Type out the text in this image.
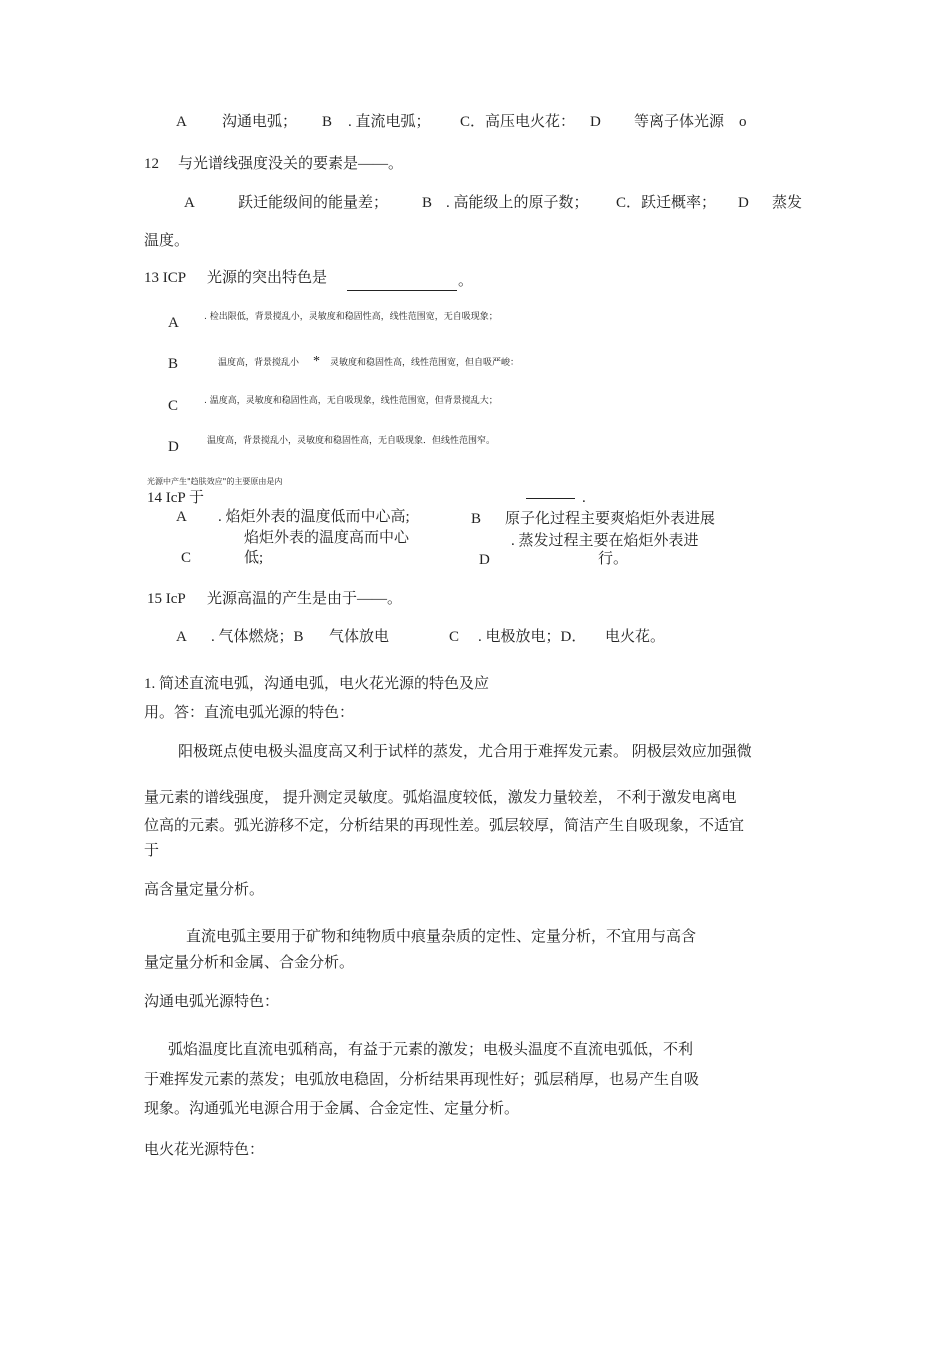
A 沟通电弧； B . 直流电弧； C．高压电火花： D 等离子体光源 o
12 与光谱线强度没关的要素是——。
A	跃迁能级间的能量差； B . 高能级上的原子数； C．跃迁概率； D 蒸发
温度。
13 ICP 光源的突出特色是	。
A	. 检出限低，背景搅乱小，灵敏度和稳固性高，线性范围宽，无自吸现象；
B	温度高，背景搅乱小 * 灵敏度和稳固性高，线性范围宽，但自吸严峻：
C	. 温度高，灵敏度和稳固性高，无自吸现象，线性范围宽，但背景搅乱大；
D	温度高，背景搅乱小，灵敏度和稳固性高，无自吸现象．但线性范围窄。
光源中产生"趋肤效应"的主要原由是内
14 IcP 于	.
A . 焰炬外表的温度低而中心高;	B 原子化过程主要爽焰炬外表进展
焰炬外表的温度高而中心
C	低;
. 蒸发过程主要在焰炬外表进
D	行。
15 IcP 光源高温的产生是由于——。
A . 气体燃烧；B 气体放电	C . 电极放电；D． 电火花。
1. 简述直流电弧，沟通电弧，电火花光源的特色及应
用。答：直流电弧光源的特色：
阳极斑点使电极头温度高又利于试样的蒸发，尤合用于难挥发元素。 阴极层效应加强微
量元素的谱线强度， 提升测定灵敏度。弧焰温度较低，激发力量较差， 不利于激发电离电
位高的元素。弧光游移不定，分析结果的再现性差。弧层较厚，简洁产生自吸现象，不适宜
于
高含量定量分析。
直流电弧主要用于矿物和纯物质中痕量杂质的定性、定量分析，不宜用与高含
量定量分析和金属、合金分析。
沟通电弧光源特色：
弧焰温度比直流电弧稍高，有益于元素的激发；电极头温度不直流电弧低，不利
于难挥发元素的蒸发；电弧放电稳固，分析结果再现性好；弧层稍厚，也易产生自吸
现象。沟通弧光电源合用于金属、合金定性、定量分析。
电火花光源特色：
